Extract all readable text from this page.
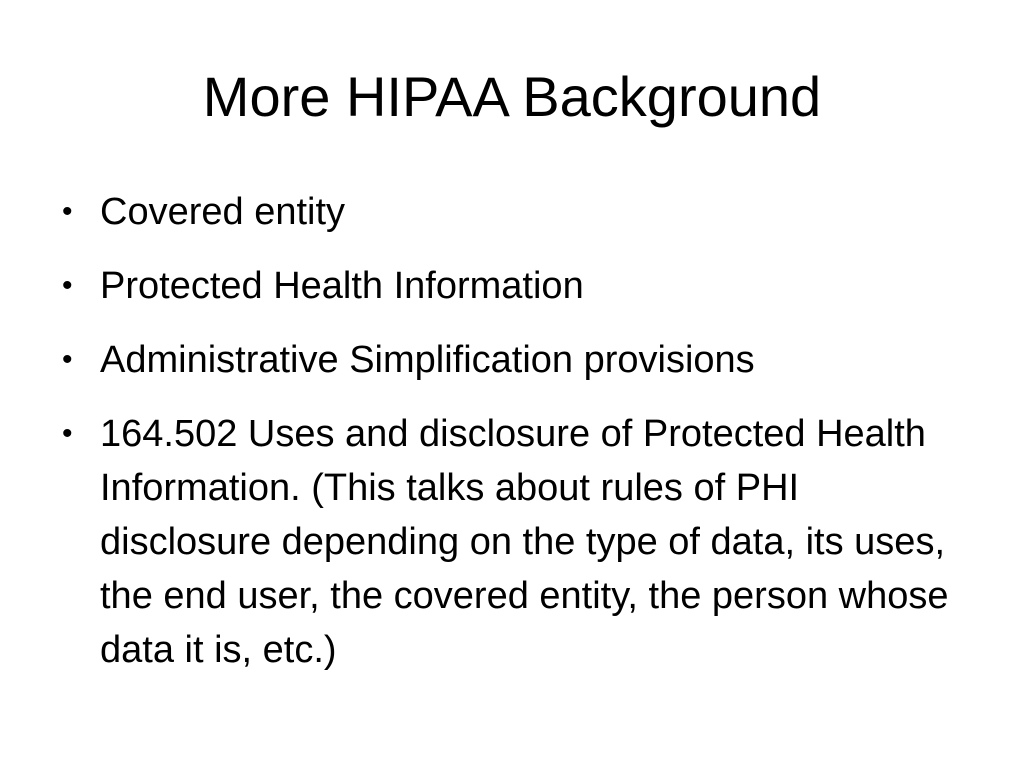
More HIPAA Background
• Covered entity
• Protected Health Information
• Administrative Simplification provisions
• 164.502 Uses and disclosure of Protected Health Information. (This talks about rules of PHI disclosure depending on the type of data, its uses, the end user, the covered entity, the person whose data it is, etc.)
